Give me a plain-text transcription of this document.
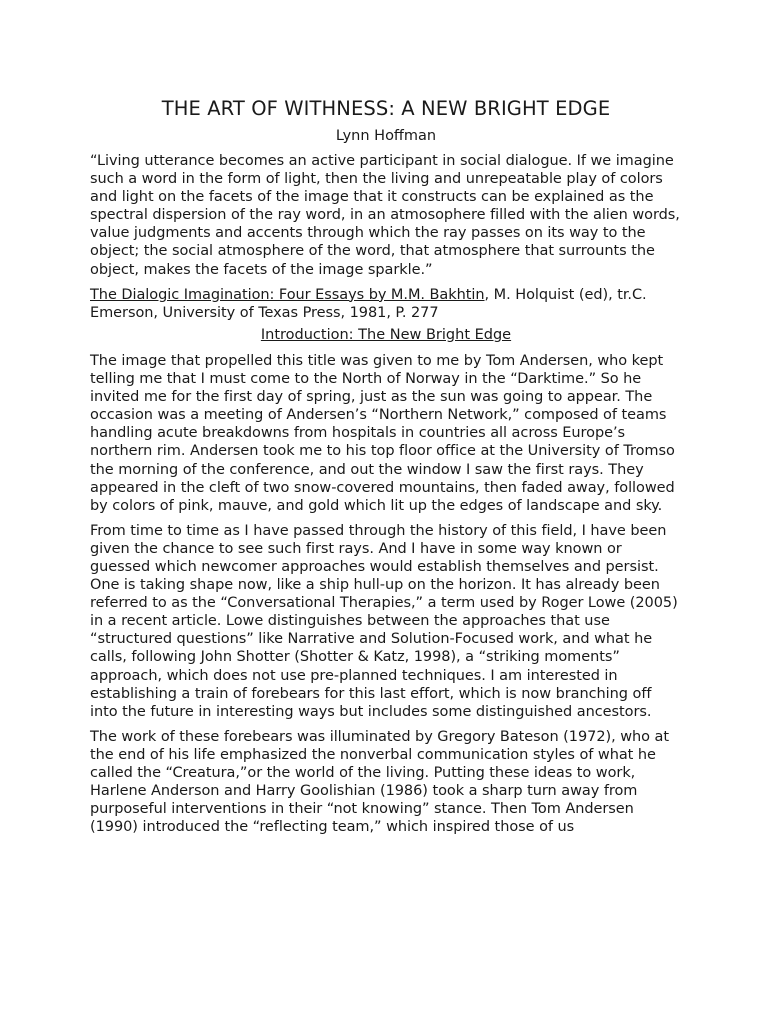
THE ART OF WITHNESS: A NEW BRIGHT EDGE
Lynn Hoffman

“Living utterance becomes an active participant in social dialogue. If we imagine such a word in the form of light, then the living and unrepeatable play of colors and light on the facets of the image that it constructs can be explained as the spectral dispersion of the ray word, in an atmosophere filled with the alien words, value judgments and accents through which the ray passes on its way to the object; the social atmosphere of the word, that atmosphere that surrounts the object, makes the facets of the image sparkle.”

The Dialogic Imagination: Four Essays by M.M. Bakhtin, M. Holquist (ed), tr.C. Emerson, University of Texas Press, 1981, P. 277

Introduction: The New Bright Edge

The image that propelled this title was given to me by Tom Andersen, who kept telling me that I must come to the North of Norway in the “Darktime.” So he invited me for the first day of spring, just as the sun was going to appear. The occasion was a meeting of Andersen’s “Northern Network,” composed of teams handling acute breakdowns from hospitals in countries all across Europe’s northern rim. Andersen took me to his top floor office at the University of Tromso the morning of the conference, and out the window I saw the first rays. They appeared in the cleft of two snow-covered mountains, then faded away, followed by colors of pink, mauve, and gold which lit up the edges of landscape and sky.

From time to time as I have passed through the history of this field, I have been given the chance to see such first rays. And I have in some way known or guessed which newcomer approaches would establish themselves and persist. One is taking shape now, like a ship hull-up on the horizon. It has already been referred to as the “Conversational Therapies,” a term used by Roger Lowe (2005) in a recent article. Lowe distinguishes between the approaches that use “structured questions” like Narrative and Solution-Focused work, and what he calls, following John Shotter (Shotter & Katz, 1998), a “striking moments” approach, which does not use pre-planned techniques. I am interested in establishing a train of forebears for this last effort, which is now branching off into the future in interesting ways but includes some distinguished ancestors.

The work of these forebears was illuminated by Gregory Bateson (1972), who at the end of his life emphasized the nonverbal communication styles of what he called the “Creatura,”or the world of the living. Putting these ideas to work, Harlene Anderson and Harry Goolishian (1986) took a sharp turn away from purposeful interventions in their “not knowing” stance. Then Tom Andersen (1990) introduced the “reflecting team,” which inspired those of us
